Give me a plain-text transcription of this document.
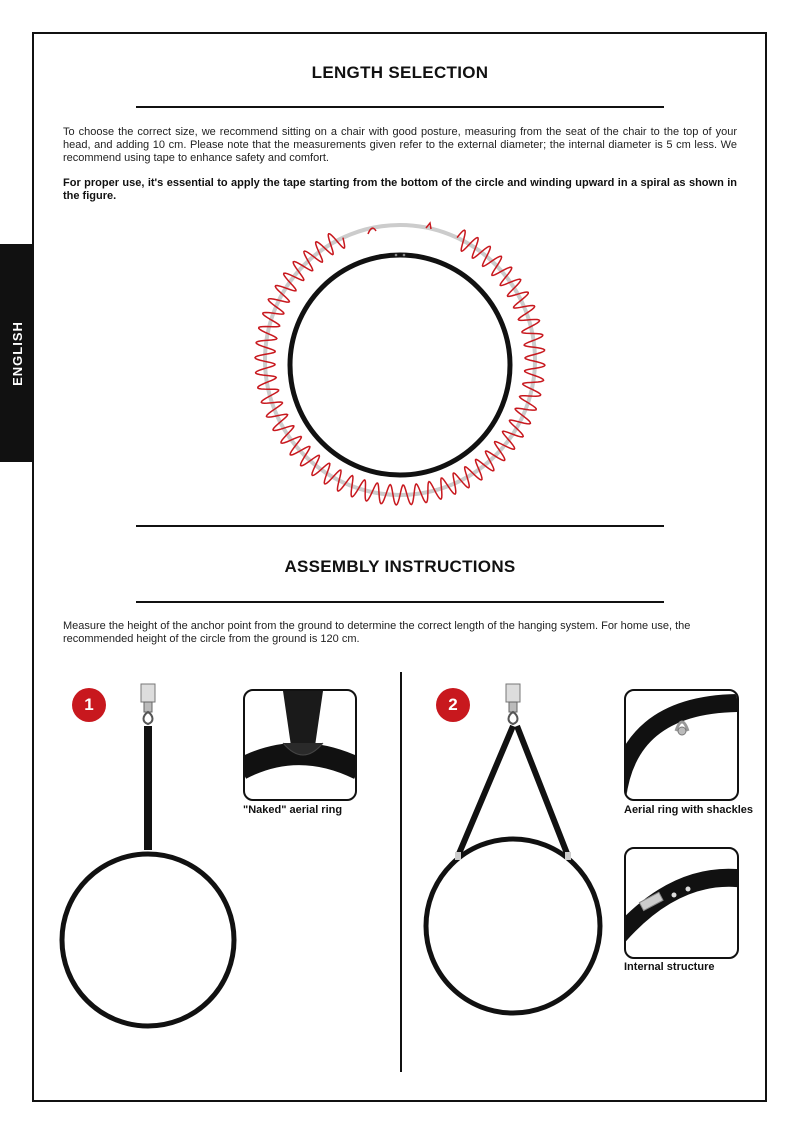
ENGLISH
LENGTH SELECTION
To choose the correct size, we recommend sitting on a chair with good posture, measuring from the seat of the chair to the top of your head, and adding 10 cm. Please note that the measurements given refer to the external diameter; the internal diameter is 5 cm less. We recommend using tape to enhance safety and comfort.
For proper use, it's essential to apply the tape starting from the bottom of the circle and winding upward in a spiral as shown in the figure.
ASSEMBLY INSTRUCTIONS
Measure the height of the anchor point from the ground to determine the correct length of the hanging system. For home use, the recommended height of the circle from the ground is 120 cm.
1
"Naked" aerial ring
2
Aerial ring with shackles
Internal structure
